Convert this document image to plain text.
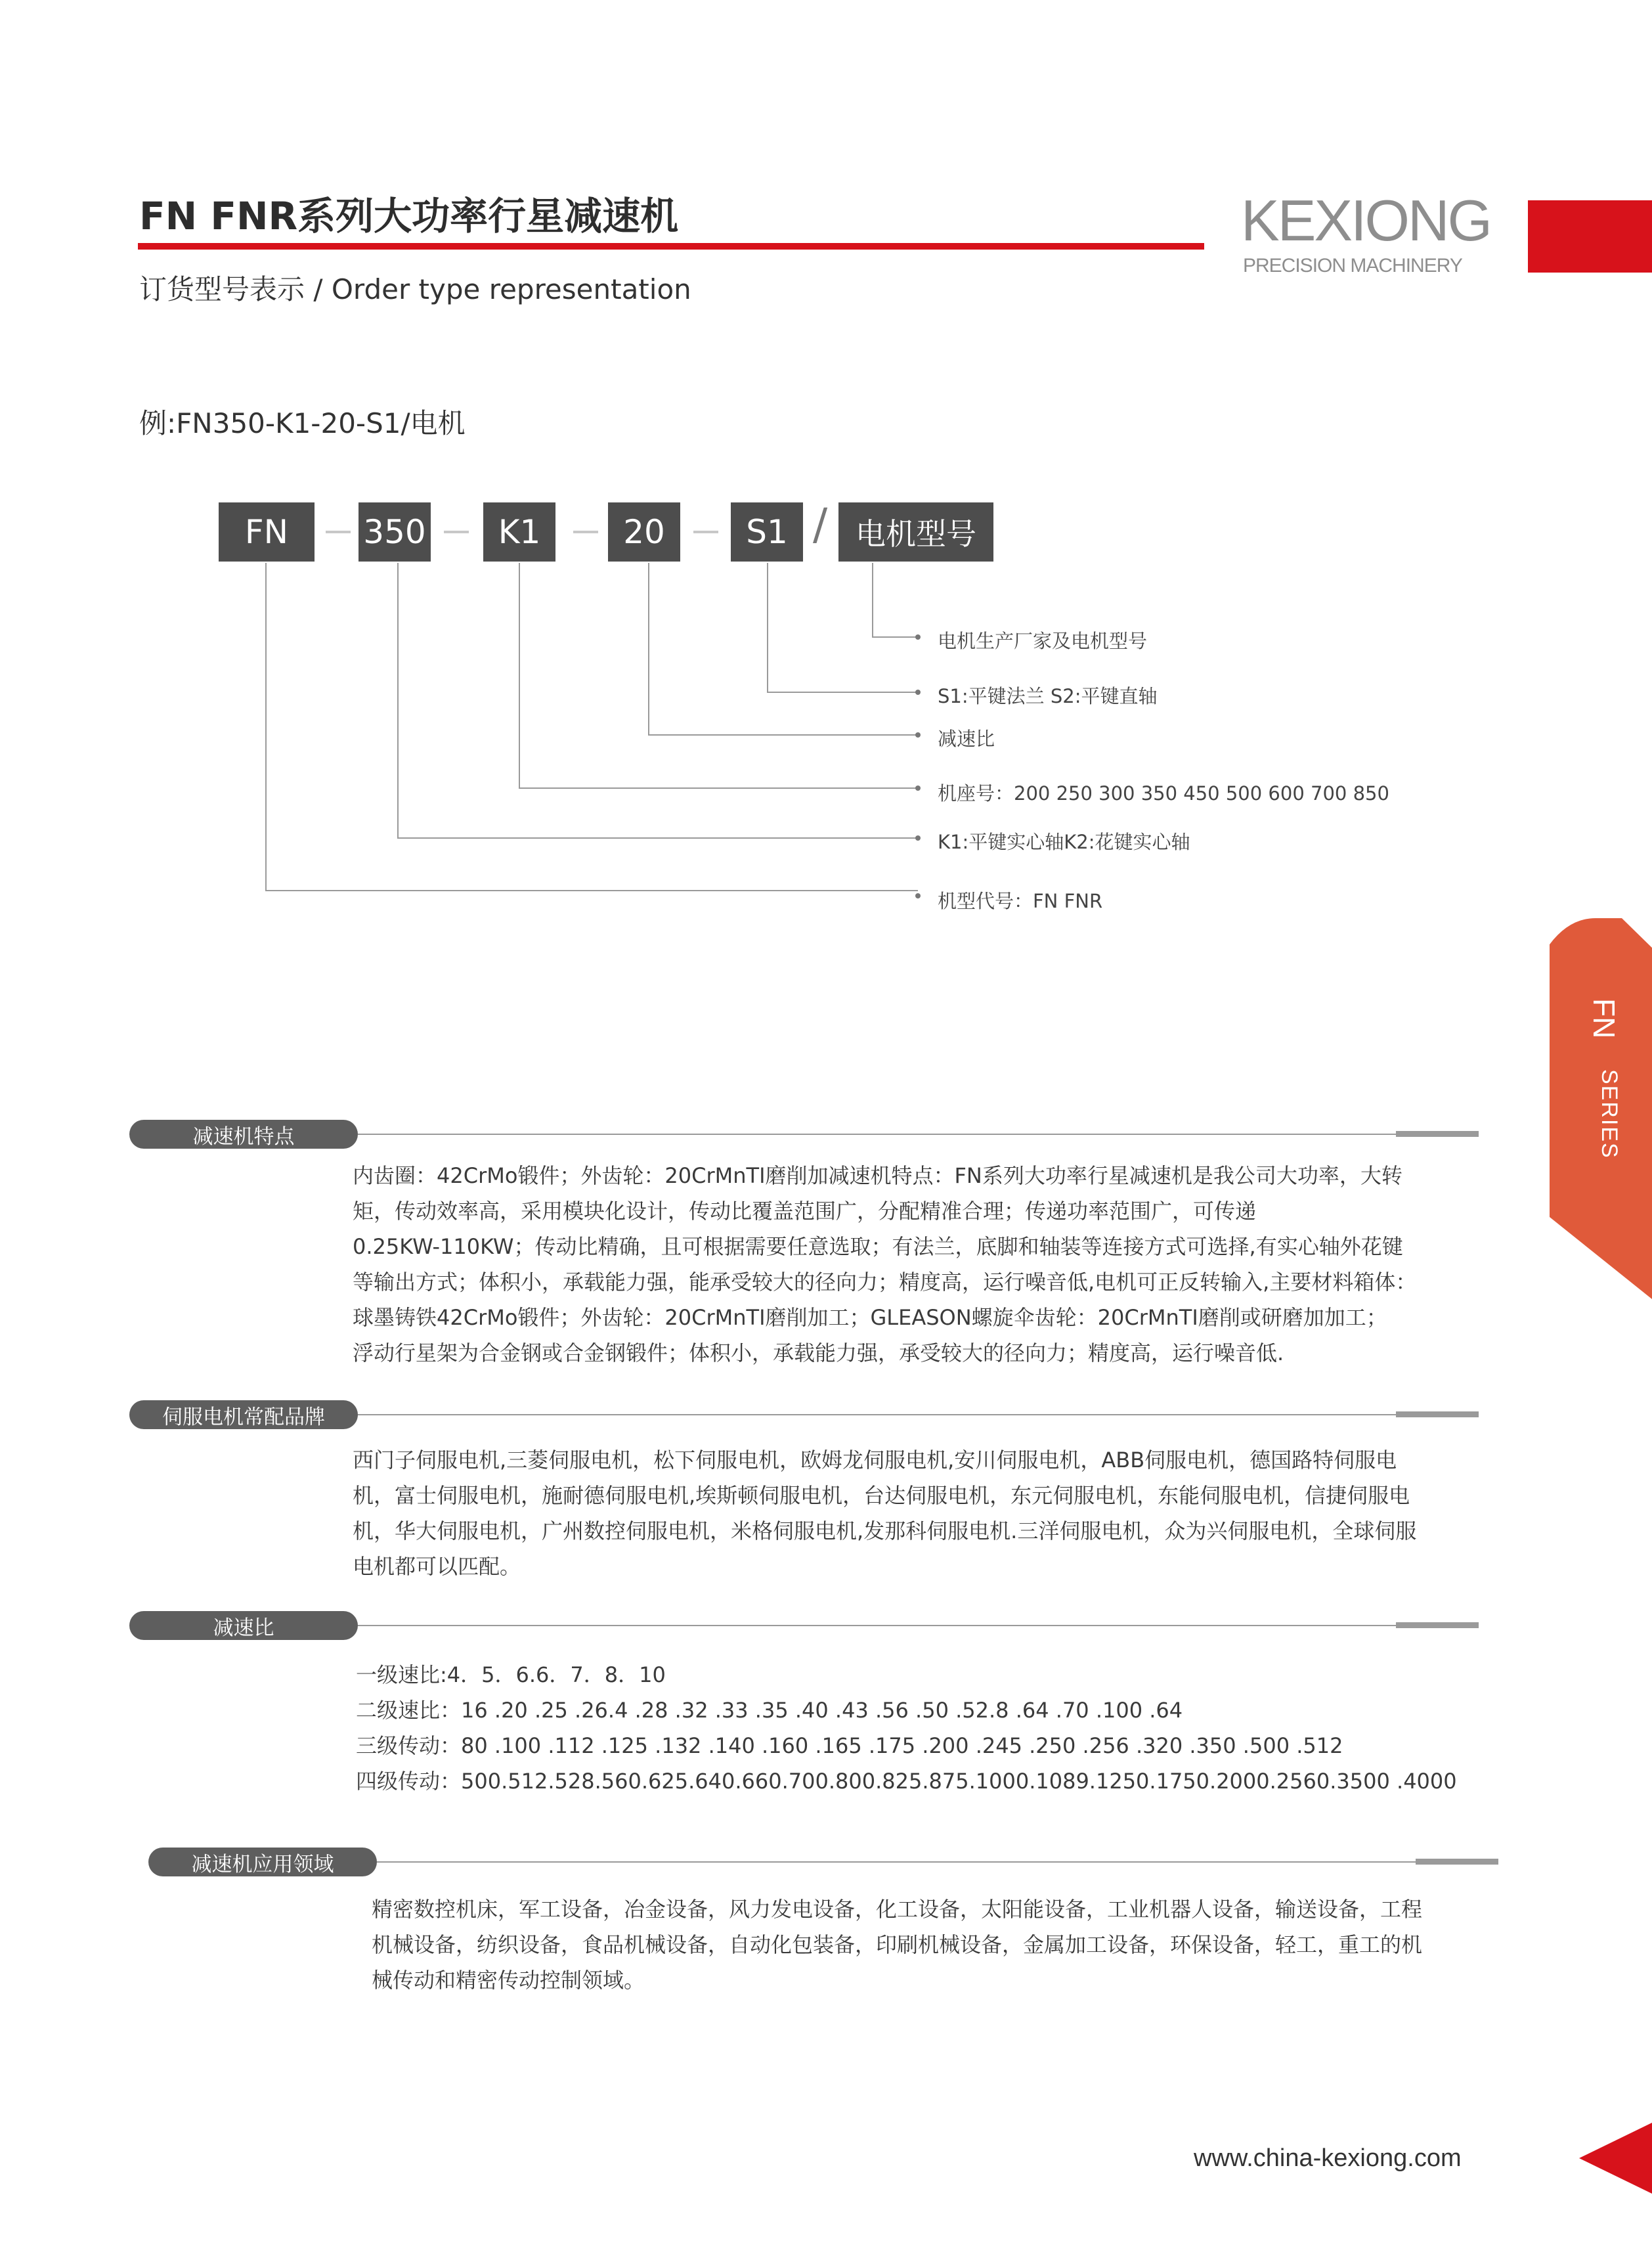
FN FNR系列大功率行星减速机
订货型号表示 / Order type representation
KEXIONG
PRECISION MACHINERY
例:FN350-K1-20-S1/电机
FN	350	K1	20	S1 / 电机型号
电机生产厂家及电机型号
S1:平键法兰 S2:平键直轴
减速比
机座号：200 250 300 350 450 500 600 700 850
K1:平键实心轴K2:花键实心轴
机型代号：FN FNR
FN
SERIES
减速机特点
内齿圈：42CrMo锻件；外齿轮：20CrMnTI磨削加减速机特点：FN系列大功率行星减速机是我公司大功率，大转
矩，传动效率高，采用模块化设计，传动比覆盖范围广，分配精准合理；传递功率范围广，可传递
0.25KW-110KW；传动比精确，且可根据需要任意选取；有法兰，底脚和轴装等连接方式可选择,有实心轴外花键
等输出方式；体积小，承载能力强，能承受较大的径向力；精度高，运行噪音低,电机可正反转输入,主要材料箱体：
球墨铸铁42CrMo锻件；外齿轮：20CrMnTI磨削加工；GLEASON螺旋伞齿轮：20CrMnTI磨削或研磨加加工；
浮动行星架为合金钢或合金钢锻件；体积小，承载能力强，承受较大的径向力；精度高，运行噪音低.
伺服电机常配品牌
西门子伺服电机,三菱伺服电机，松下伺服电机，欧姆龙伺服电机,安川伺服电机，ABB伺服电机，德国路特伺服电
机，富士伺服电机，施耐德伺服电机,埃斯顿伺服电机，台达伺服电机，东元伺服电机，东能伺服电机，信捷伺服电
机，华大伺服电机，广州数控伺服电机，米格伺服电机,发那科伺服电机.三洋伺服电机，众为兴伺服电机，全球伺服
电机都可以匹配。
减速比
一级速比:4．5．6.6．7．8．10
二级速比：16 .20 .25 .26.4 .28 .32 .33 .35 .40 .43 .56 .50 .52.8 .64 .70 .100 .64
三级传动：80 .100 .112 .125 .132 .140 .160 .165 .175 .200 .245 .250 .256 .320 .350 .500 .512
四级传动：500.512.528.560.625.640.660.700.800.825.875.1000.1089.1250.1750.2000.2560.3500 .4000
减速机应用领域
精密数控机床，军工设备，冶金设备，风力发电设备，化工设备，太阳能设备，工业机器人设备，输送设备，工程
机械设备，纺织设备，食品机械设备，自动化包装备，印刷机械设备，金属加工设备，环保设备，轻工，重工的机
械传动和精密传动控制领域。
www.china-kexiong.com
